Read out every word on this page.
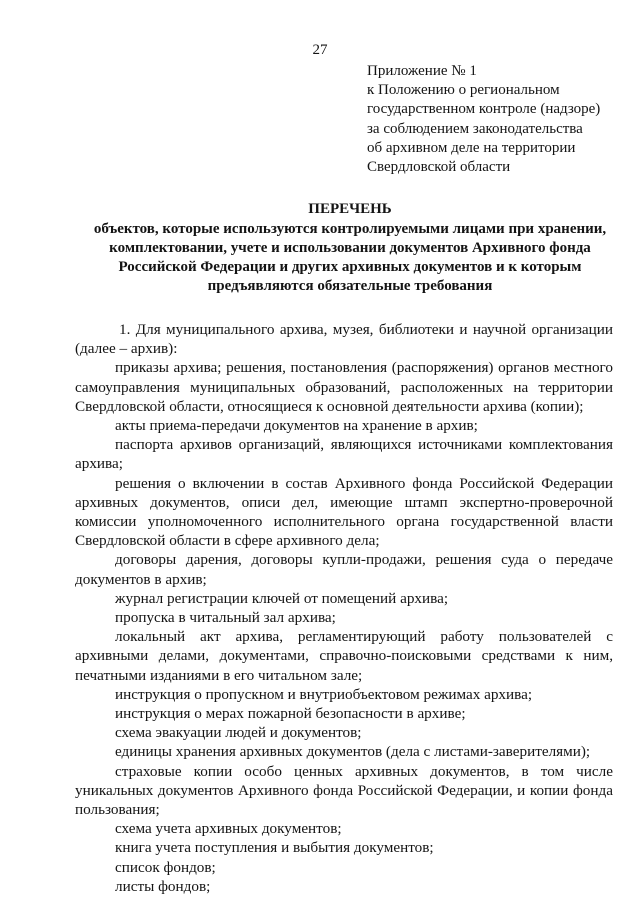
27
Приложение № 1
к Положению о региональном
государственном контроле (надзоре)
за соблюдением законодательства
об архивном деле на территории
Свердловской области
ПЕРЕЧЕНЬ
объектов, которые используются контролируемыми лицами при хранении,
комплектовании, учете и использовании документов Архивного фонда
Российской Федерации и других архивных документов и к которым
предъявляются обязательные требования

1. Для муниципального архива, музея, библиотеки и научной организации (далее – архив):

приказы архива; решения, постановления (распоряжения) органов местного самоуправления муниципальных образований, расположенных на территории Свердловской области, относящиеся к основной деятельности архива (копии);

акты приема-передачи документов на хранение в архив;

паспорта архивов организаций, являющихся источниками комплектования архива;

решения о включении в состав Архивного фонда Российской Федерации архивных документов, описи дел, имеющие штамп экспертно-проверочной комиссии уполномоченного исполнительного органа государственной власти Свердловской области в сфере архивного дела;

договоры дарения, договоры купли-продажи, решения суда о передаче документов в архив;

журнал регистрации ключей от помещений архива;

пропуска в читальный зал архива;

локальный акт архива, регламентирующий работу пользователей с архивными делами, документами, справочно-поисковыми средствами к ним, печатными изданиями в его читальном зале;

инструкция о пропускном и внутриобъектовом режимах архива;

инструкция о мерах пожарной безопасности в архиве;

схема эвакуации людей и документов;

единицы хранения архивных документов (дела с листами-заверителями);

страховые копии особо ценных архивных документов, в том числе уникальных документов Архивного фонда Российской Федерации, и копии фонда пользования;

схема учета архивных документов;

книга учета поступления и выбытия документов;

список фондов;

листы фондов;
